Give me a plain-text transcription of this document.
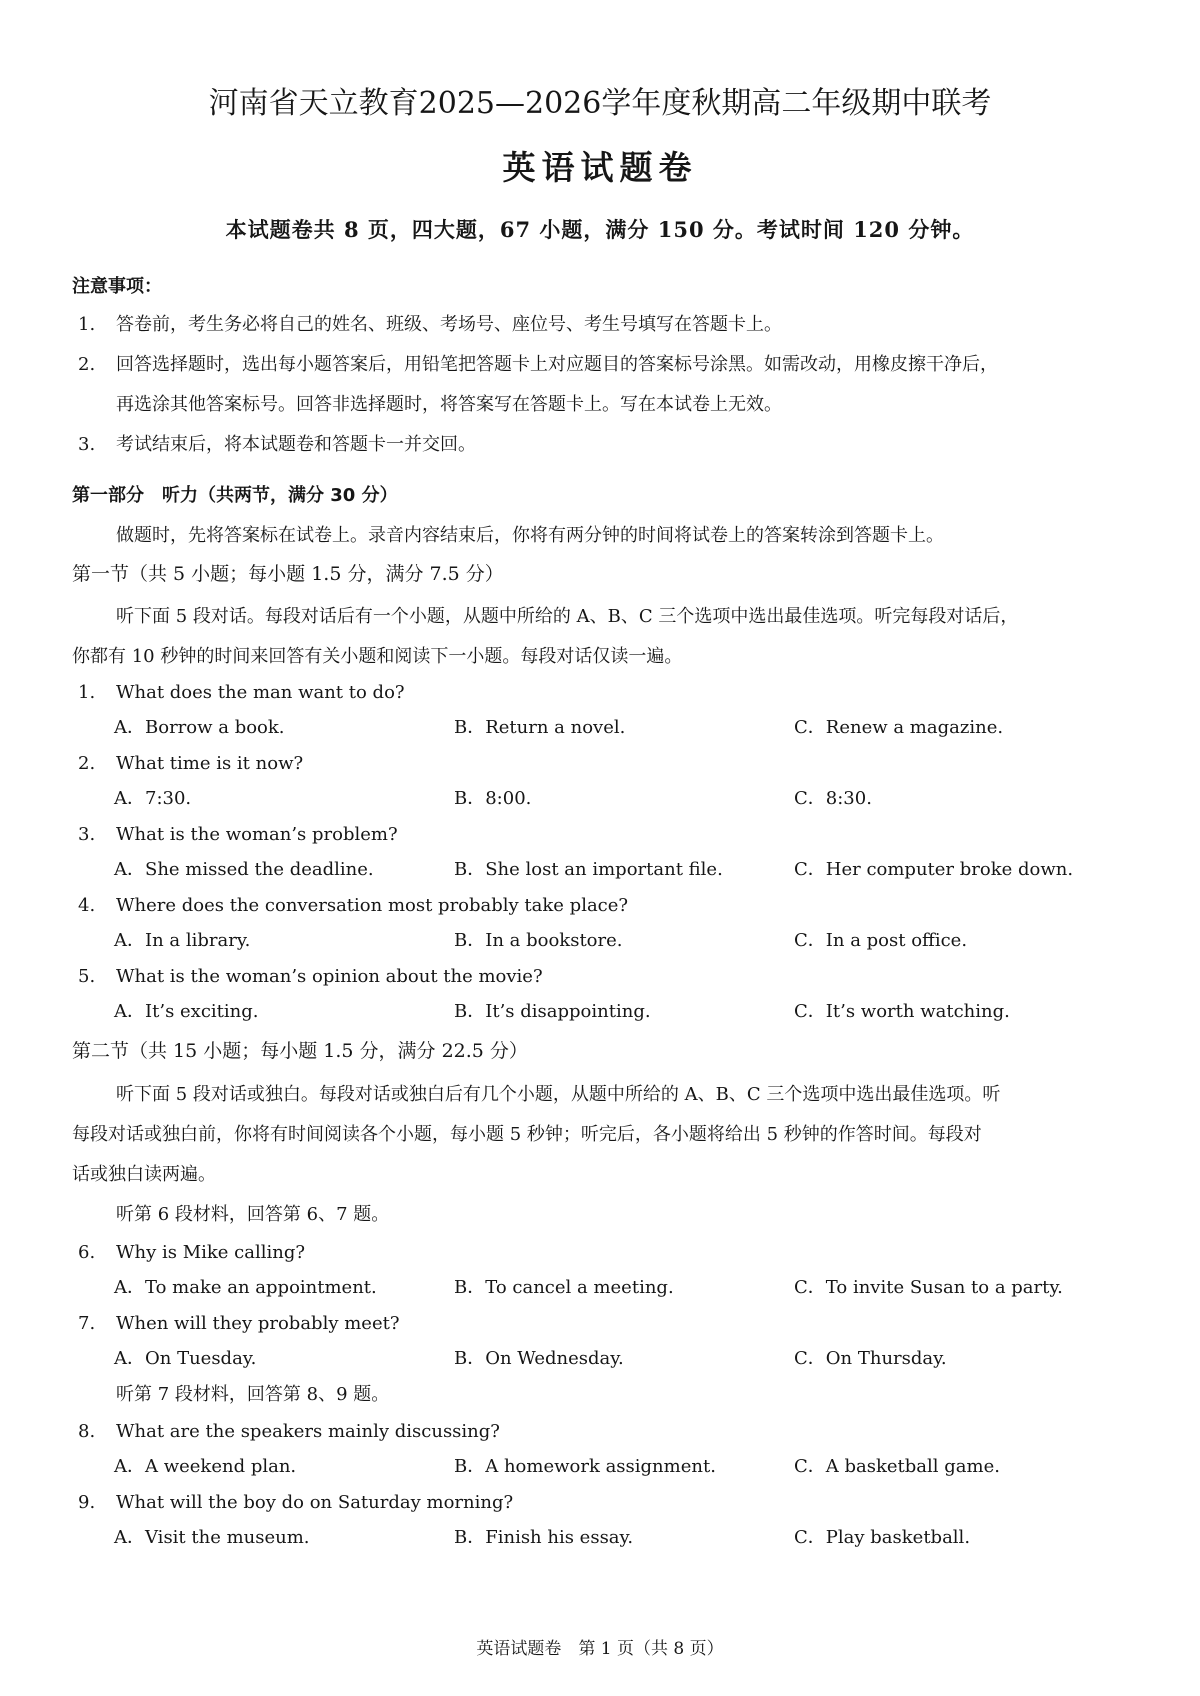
河南省天立教育2025—2026学年度秋期高二年级期中联考
英语试题卷
本试题卷共 8 页，四大题，67 小题，满分 150 分。考试时间 120 分钟。
注意事项：
1. 答卷前，考生务必将自己的姓名、班级、考场号、座位号、考生号填写在答题卡上。
2. 回答选择题时，选出每小题答案后，用铅笔把答题卡上对应题目的答案标号涂黑。如需改动，用橡皮擦干净后，
再选涂其他答案标号。回答非选择题时，将答案写在答题卡上。写在本试卷上无效。
3. 考试结束后，将本试题卷和答题卡一并交回。
第一部分　听力（共两节，满分 30 分）
做题时，先将答案标在试卷上。录音内容结束后，你将有两分钟的时间将试卷上的答案转涂到答题卡上。
第一节（共 5 小题；每小题 1.5 分，满分 7.5 分）
听下面 5 段对话。每段对话后有一个小题，从题中所给的 A、B、C 三个选项中选出最佳选项。听完每段对话后，
你都有 10 秒钟的时间来回答有关小题和阅读下一小题。每段对话仅读一遍。
1. What does the man want to do?
A．Borrow a book.	B．Return a novel.	C．Renew a magazine.
2. What time is it now?
A．7:30.	B．8:00.	C．8:30.
3. What is the woman’s problem?
A．She missed the deadline.	B．She lost an important file.	C．Her computer broke down.
4. Where does the conversation most probably take place?
A．In a library.	B．In a bookstore.	C．In a post office.
5. What is the woman’s opinion about the movie?
A．It’s exciting.	B．It’s disappointing.	C．It’s worth watching.
第二节（共 15 小题；每小题 1.5 分，满分 22.5 分）
听下面 5 段对话或独白。每段对话或独白后有几个小题，从题中所给的 A、B、C 三个选项中选出最佳选项。听
每段对话或独白前，你将有时间阅读各个小题，每小题 5 秒钟；听完后，各小题将给出 5 秒钟的作答时间。每段对
话或独白读两遍。
听第 6 段材料，回答第 6、7 题。
6. Why is Mike calling?
A．To make an appointment.	B．To cancel a meeting.	C．To invite Susan to a party.
7. When will they probably meet?
A．On Tuesday.	B．On Wednesday.	C．On Thursday.
听第 7 段材料，回答第 8、9 题。
8. What are the speakers mainly discussing?
A．A weekend plan.	B．A homework assignment.	C．A basketball game.
9. What will the boy do on Saturday morning?
A．Visit the museum.	B．Finish his essay.	C．Play basketball.
英语试题卷　第 1 页（共 8 页）
